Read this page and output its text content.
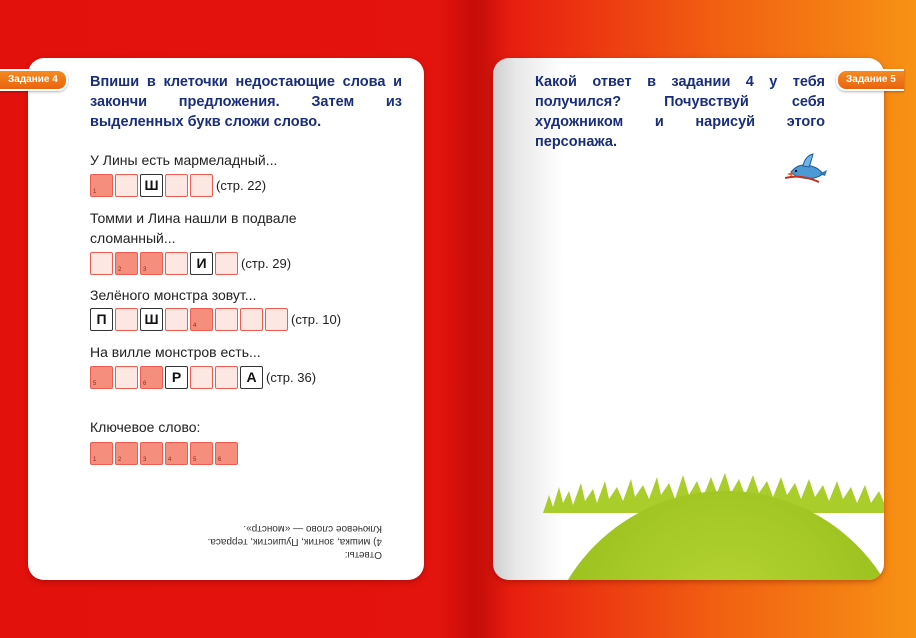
Задание 4	Впиши в клеточки недостающие слова и закончи предложения. Затем из выделенных букв сложи слово.

У Лины есть мармеладный...

1	Ш	(стр. 22)

Томми и Лина нашли в подвале сломанный...

2	3	И	(стр. 29)

Зелёного монстра зовут...

П	Ш	4	(стр. 10)

На вилле монстров есть...

5	6	Р	А (стр. 36)

Ключевое слово:

1	2	3	4	5	6

Ответы:

4) мишка, зонтик, Пушистик, терраса.

Ключевое слово — «монстр».

Задание 5

Какой ответ в задании 4 у тебя получился? Почувствуй себя художником и нарисуй этого персонажа.
